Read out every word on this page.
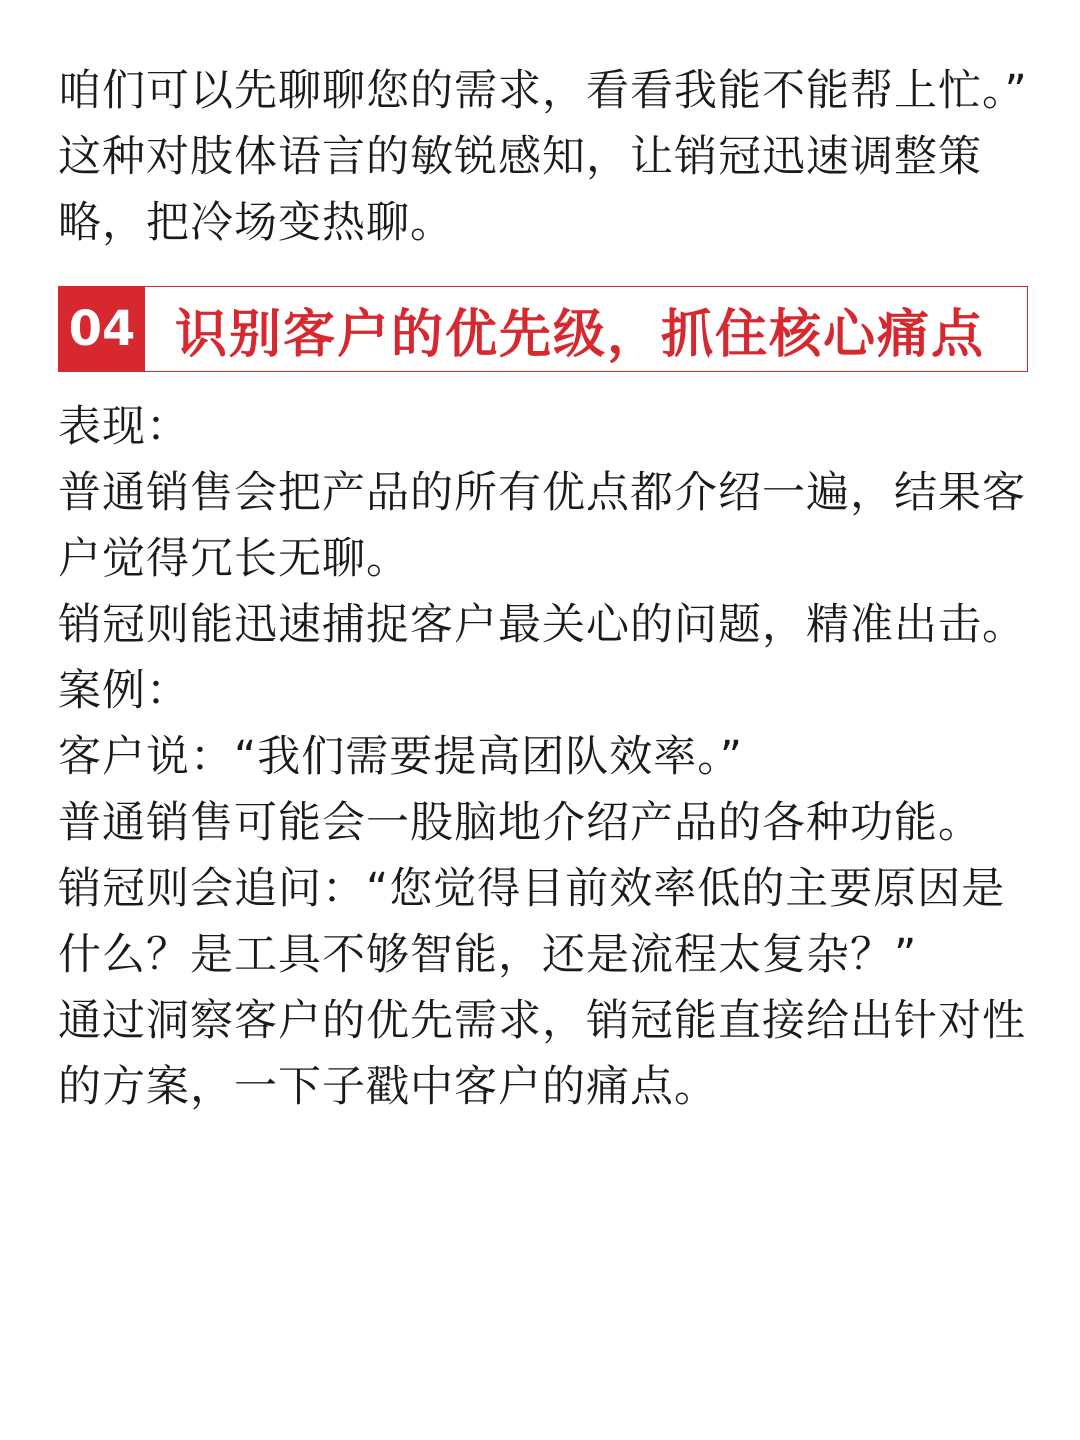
咱们可以先聊聊您的需求，看看我能不能帮上忙。”

这种对肢体语言的敏锐感知，让销冠迅速调整策略，把冷场变热聊。

04 识别客户的优先级，抓住核心痛点

表现：

普通销售会把产品的所有优点都介绍一遍，结果客户觉得冗长无聊。

销冠则能迅速捕捉客户最关心的问题，精准出击。

案例：

客户说：“我们需要提高团队效率。”

普通销售可能会一股脑地介绍产品的各种功能。

销冠则会追问：“您觉得目前效率低的主要原因是什么？是工具不够智能，还是流程太复杂？”

通过洞察客户的优先需求，销冠能直接给出针对性的方案，一下子戳中客户的痛点。
